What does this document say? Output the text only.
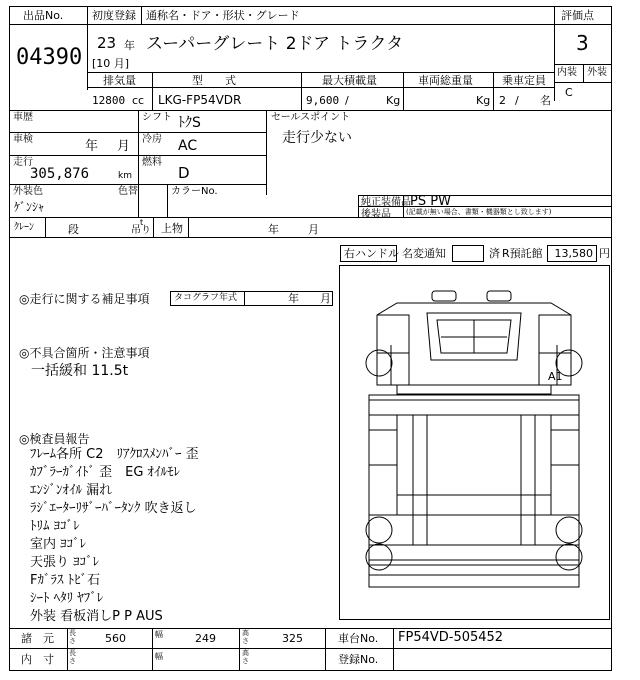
出品No.
04390
初度登録 通称名・ドア・形状・グレード
23 年
[10 月]
スーパーグレート 2ドア トラクタ
評価点
3
内装 外装
C
排気量
12800 cc
型　　式
LKG-FP54VDR
最大積載量
9,600 /	Kg
車両総重量
Kg
乗車定員
2 / 名
車歴
車検	年 月
走行
305,876	km
シフト ﾄｸS
冷房 AC
燃料
D
セールスポイント
走行少ない
外装色
ｹﾞﾝｼｬ
色替	カラーNo.
純正装備品 PS PW
後装品 (記載が無い場合、書類・機器類とし致します)
ｸﾚｰﾝ	段
t
吊り 上物	年	月
右ハンドル 名変通知	済 R預託館	13,580 円
◎走行に関する補足事項	タコグラフ年式	年 月
◎不具合箇所・注意事項
一括緩和 11.5t
◎検査員報告
ﾌﾚｰﾑ各所 C2　ﾘｱｸﾛｽﾒﾝﾊﾞｰ 歪
ｶﾌﾞﾗｰｶﾞｲﾄﾞ 歪　EG ｵｲﾙﾓﾚ
ｴﾝｼﾞﾝｵｲﾙ 漏れ
ﾗｼﾞｴｰﾀｰﾘｻﾞｰﾊﾞｰﾀﾝｸ 吹き返し
ﾄﾘﾑ ﾖｺﾞﾚ
室内 ﾖｺﾞﾚ
天張り ﾖｺﾞﾚ
Fｶﾞﾗｽ ﾄﾋﾞ石
ｼｰﾄ ﾍﾀﾘ ﾔﾌﾞﾚ
外装 看板消しP P AUS
A1
諸　元 長さ	560	幅	249	高さ	325	車台No. FP54VD-505452
内　寸 長さ	幅	高さ	登録No.
